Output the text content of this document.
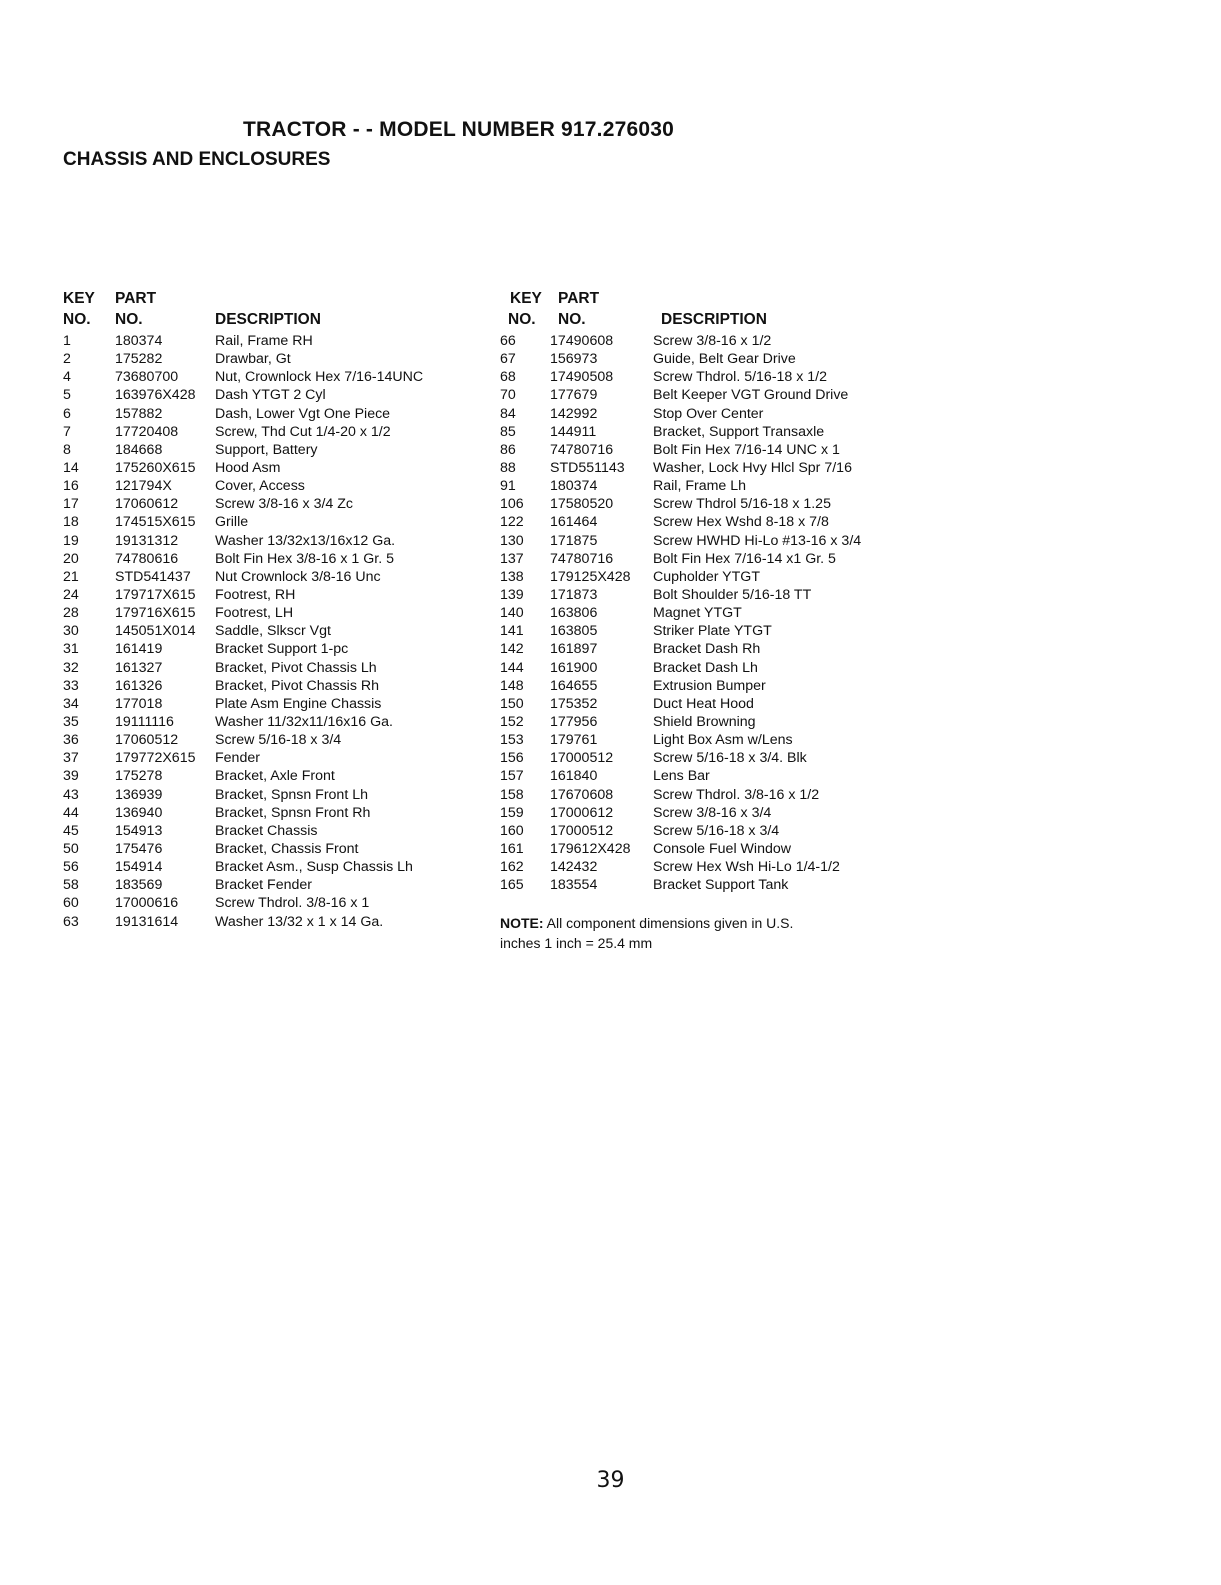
TRACTOR - - MODEL NUMBER 917.276030
CHASSIS AND ENCLOSURES
KEY
NO.
PART
NO.	DESCRIPTION
1	180374	Rail, Frame RH
2	175282	Drawbar, Gt
4	73680700	Nut, Crownlock Hex 7/16-14UNC
5	163976X428 Dash YTGT 2 Cyl
6	157882	Dash, Lower Vgt One Piece
7	17720408	Screw, Thd Cut 1/4-20 x 1/2
8	184668	Support, Battery
14	175260X615 Hood Asm
16	121794X	Cover, Access
17	17060612	Screw 3/8-16 x 3/4 Zc
18	174515X615 Grille
19	19131312	Washer 13/32x13/16x12 Ga.
20	74780616	Bolt Fin Hex 3/8-16 x 1 Gr. 5
21	STD541437 Nut Crownlock 3/8-16 Unc
24	179717X615 Footrest, RH
28	179716X615 Footrest, LH
30	145051X014 Saddle, Slkscr Vgt
31	161419	Bracket Support 1-pc
32	161327	Bracket, Pivot Chassis Lh
33	161326	Bracket, Pivot Chassis Rh
34	177018	Plate Asm Engine Chassis
35	19111116	Washer 11/32x11/16x16 Ga.
36	17060512	Screw 5/16-18 x 3/4
37	179772X615 Fender
39	175278	Bracket, Axle Front
43	136939	Bracket, Spnsn Front Lh
44	136940	Bracket, Spnsn Front Rh
45	154913	Bracket Chassis
50	175476	Bracket, Chassis Front
56	154914	Bracket Asm., Susp Chassis Lh
58	183569	Bracket Fender
60	17000616	Screw Thdrol. 3/8-16 x 1
63	19131614	Washer 13/32 x 1 x 14 Ga.
KEY
NO.
PART
NO.	DESCRIPTION
66 17490608	Screw 3/8-16 x 1/2
67 156973	Guide, Belt Gear Drive
68 17490508	Screw Thdrol. 5/16-18 x 1/2
70 177679	Belt Keeper VGT Ground Drive
84 142992	Stop Over Center
85 144911	Bracket, Support Transaxle
86 74780716	Bolt Fin Hex 7/16-14 UNC x 1
88 STD551143 Washer, Lock Hvy Hlcl Spr 7/16
91 180374	Rail, Frame Lh
106 17580520	Screw Thdrol 5/16-18 x 1.25
122 161464	Screw Hex Wshd 8-18 x 7/8
130 171875	Screw HWHD Hi-Lo #13-16 x 3/4
137 74780716	Bolt Fin Hex 7/16-14 x1 Gr. 5
138 179125X428 Cupholder YTGT
139 171873	Bolt Shoulder 5/16-18 TT
140 163806	Magnet YTGT
141 163805	Striker Plate YTGT
142 161897	Bracket Dash Rh
144 161900	Bracket Dash Lh
148 164655	Extrusion Bumper
150 175352	Duct Heat Hood
152 177956	Shield Browning
153 179761	Light Box Asm w/Lens
156 17000512	Screw 5/16-18 x 3/4. Blk
157 161840	Lens Bar
158 17670608	Screw Thdrol. 3/8-16 x 1/2
159 17000612	Screw 3/8-16 x 3/4
160 17000512	Screw 5/16-18 x 3/4
161 179612X428 Console Fuel Window
162 142432	Screw Hex Wsh Hi-Lo 1/4-1/2
165 183554	Bracket Support Tank
NOTE: All component dimensions given in U.S.
inches 1 inch = 25.4 mm
39
